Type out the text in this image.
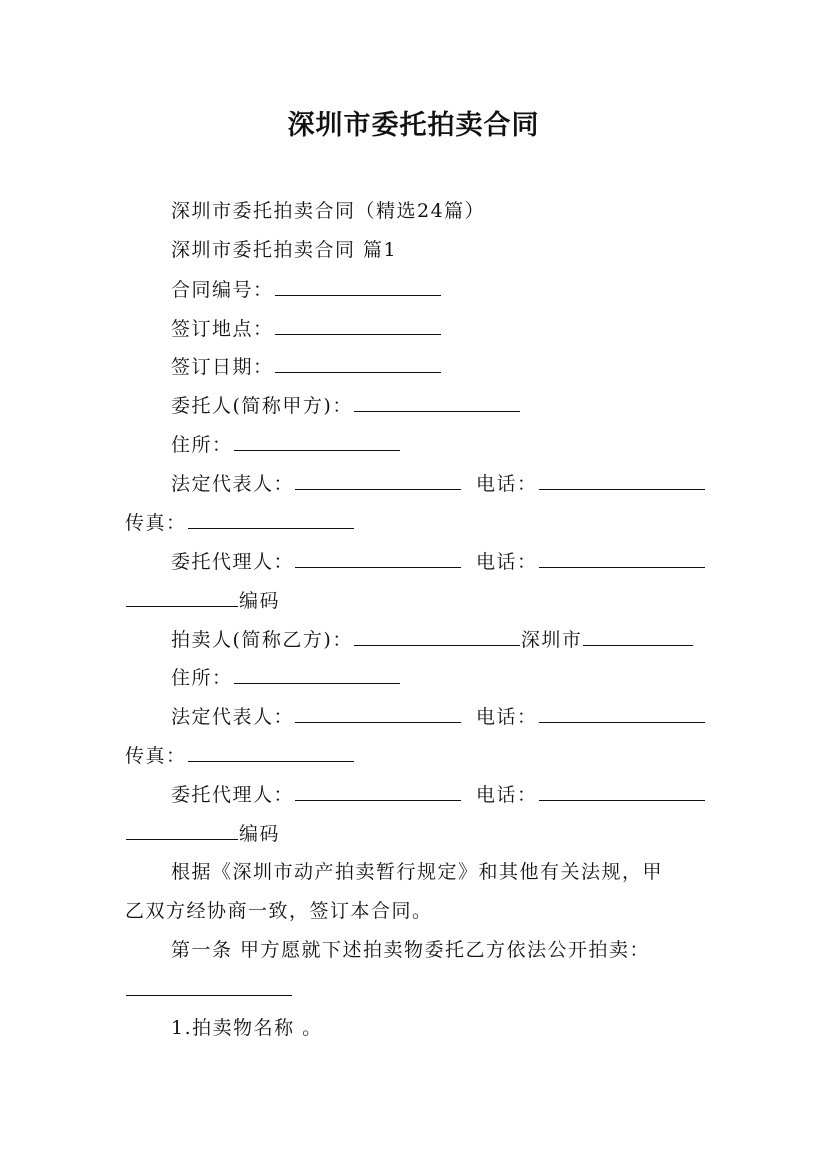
深圳市委托拍卖合同
深圳市委托拍卖合同（精选24篇）
深圳市委托拍卖合同 篇1
合同编号：
签订地点：
签订日期：
委托人(简称甲方)：
住所：
法定代表人：	电话：
传真：
委托代理人：	电话：
编码
拍卖人(简称乙方)：	深圳市
住所：
法定代表人：	电话：
传真：
委托代理人：	电话：
编码
根据《深圳市动产拍卖暂行规定》和其他有关法规，甲
乙双方经协商一致，签订本合同。
第一条 甲方愿就下述拍卖物委托乙方依法公开拍卖：
1.拍卖物名称 。
